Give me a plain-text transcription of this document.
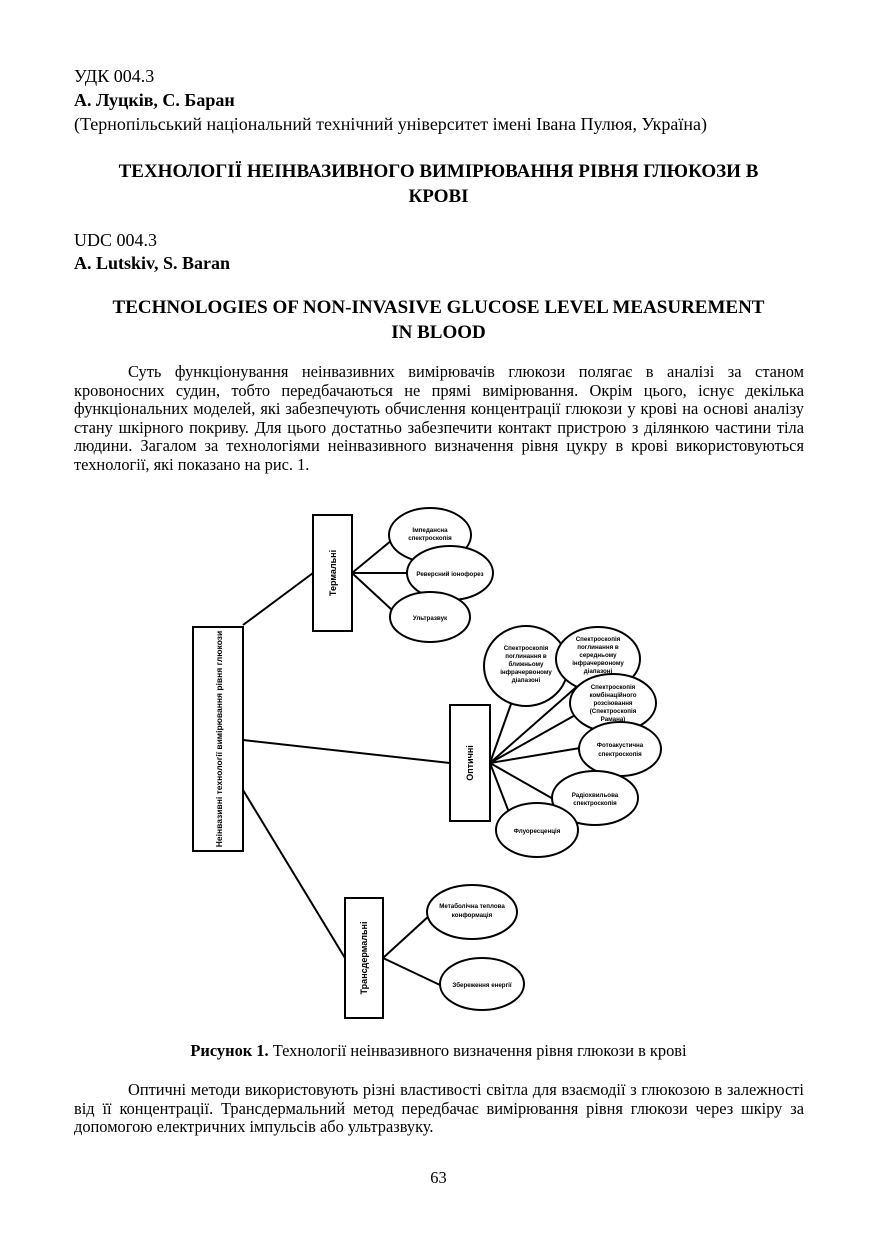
УДК 004.3
А. Луцків, С. Баран
(Тернопільський національний технічний університет імені Івана Пулюя, Україна)
ТЕХНОЛОГІЇ НЕІНВАЗИВНОГО ВИМІРЮВАННЯ РІВНЯ ГЛЮКОЗИ В
КРОВІ
UDC 004.3
A. Lutskiv, S. Baran
TECHNOLOGIES OF NON-INVASIVE GLUCOSE LEVEL MEASUREMENT
IN BLOOD
Суть функціонування неінвазивних вимірювачів глюкози полягає в аналізі за станом кровоносних судин, тобто передбачаються не прямі вимірювання. Окрім цього, існує декілька функціональних моделей, які забезпечують обчислення концентрації глюкози у крові на основі аналізу стану шкірного покриву. Для цього достатньо забезпечити контакт пристрою з ділянкою частини тіла людини. Загалом за технологіями неінвазивного визначення рівня цукру в крові використовуються технології, які показано на рис. 1.
Неінвазивні технології вимірювання рівня глюкози
Термальні
Оптичні
Трансдермальні
Імпедансна
спектроскопія
Реверсний іонофорез
Ультразвук
Спектроскопія
поглинання в
ближньому
інфрачервоному
діапазоні
Спектроскопія
поглинання в
середньому
інфрачервоному
діапазоні
Спектроскопія
комбінаційного
розсіювання
(Спектроскопія
Рамана)
Фотоакустична
спектроскопія
Радіохвильова
спектроскопія
Флуоресценція
Метаболічна теплова
конформація
Збереження енергії
Рисунок 1. Технології неінвазивного визначення рівня глюкози в крові
Оптичні методи використовують різні властивості світла для взаємодії з глюкозою в залежності від її концентрації. Трансдермальний метод передбачає вимірювання рівня глюкози через шкіру за допомогою електричних імпульсів або ультразвуку.
63
